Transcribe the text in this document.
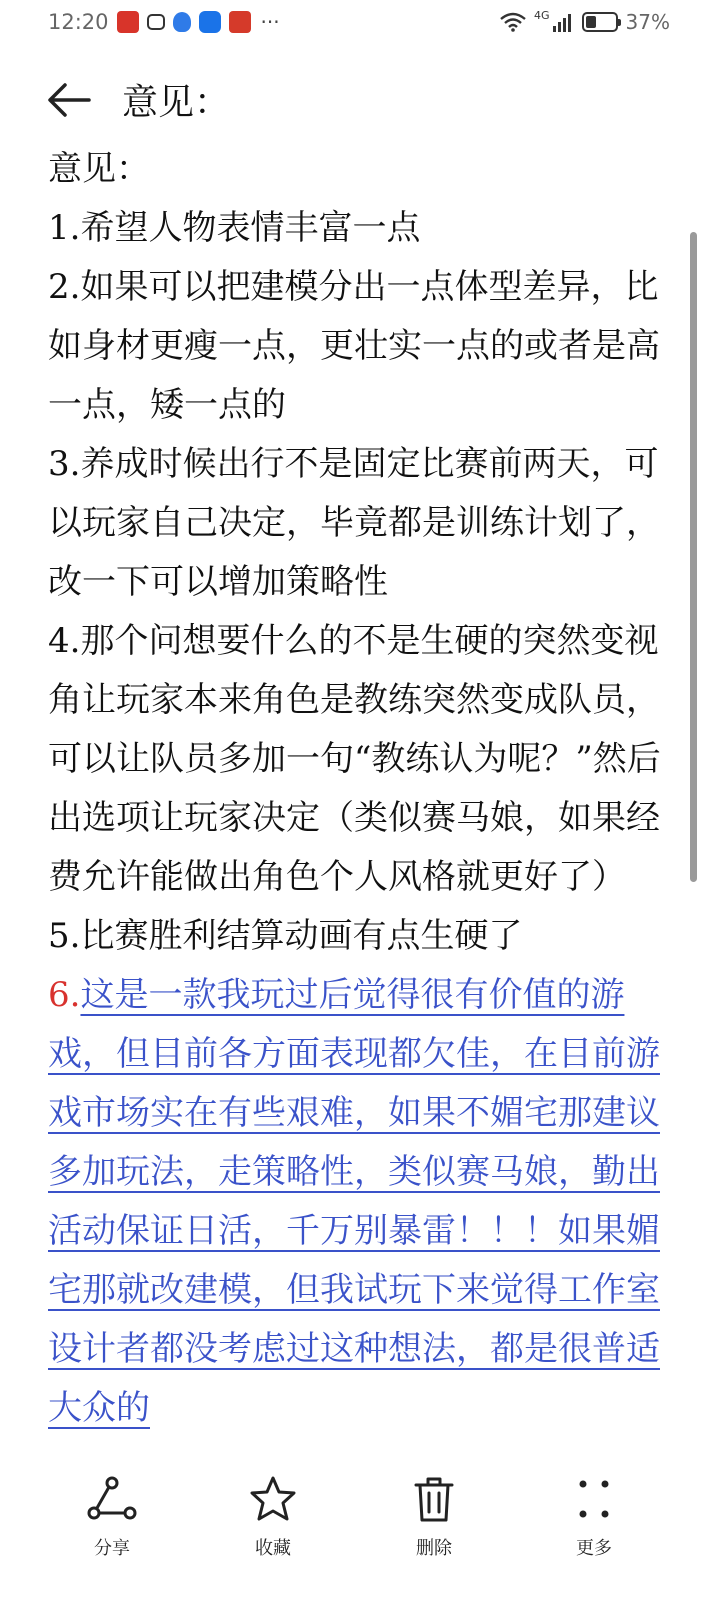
12:20	···	4G	37%
意见：

意见：

1.希望人物表情丰富一点

2.如果可以把建模分出一点体型差异，比如身材更瘦一点，更壮实一点的或者是高一点，矮一点的

3.养成时候出行不是固定比赛前两天，可以玩家自己决定，毕竟都是训练计划了，改一下可以增加策略性

4.那个问想要什么的不是生硬的突然变视角让玩家本来角色是教练突然变成队员，可以让队员多加一句“教练认为呢？”然后出选项让玩家决定（类似赛马娘，如果经费允许能做出角色个人风格就更好了）

5.比赛胜利结算动画有点生硬了

6.这是一款我玩过后觉得很有价值的游戏，但目前各方面表现都欠佳，在目前游戏市场实在有些艰难，如果不媚宅那建议多加玩法，走策略性，类似赛马娘，勤出活动保证日活，千万别暴雷！！！如果媚宅那就改建模，但我试玩下来觉得工作室设计者都没考虑过这种想法，都是很普适大众的

分享	收藏	删除	更多
